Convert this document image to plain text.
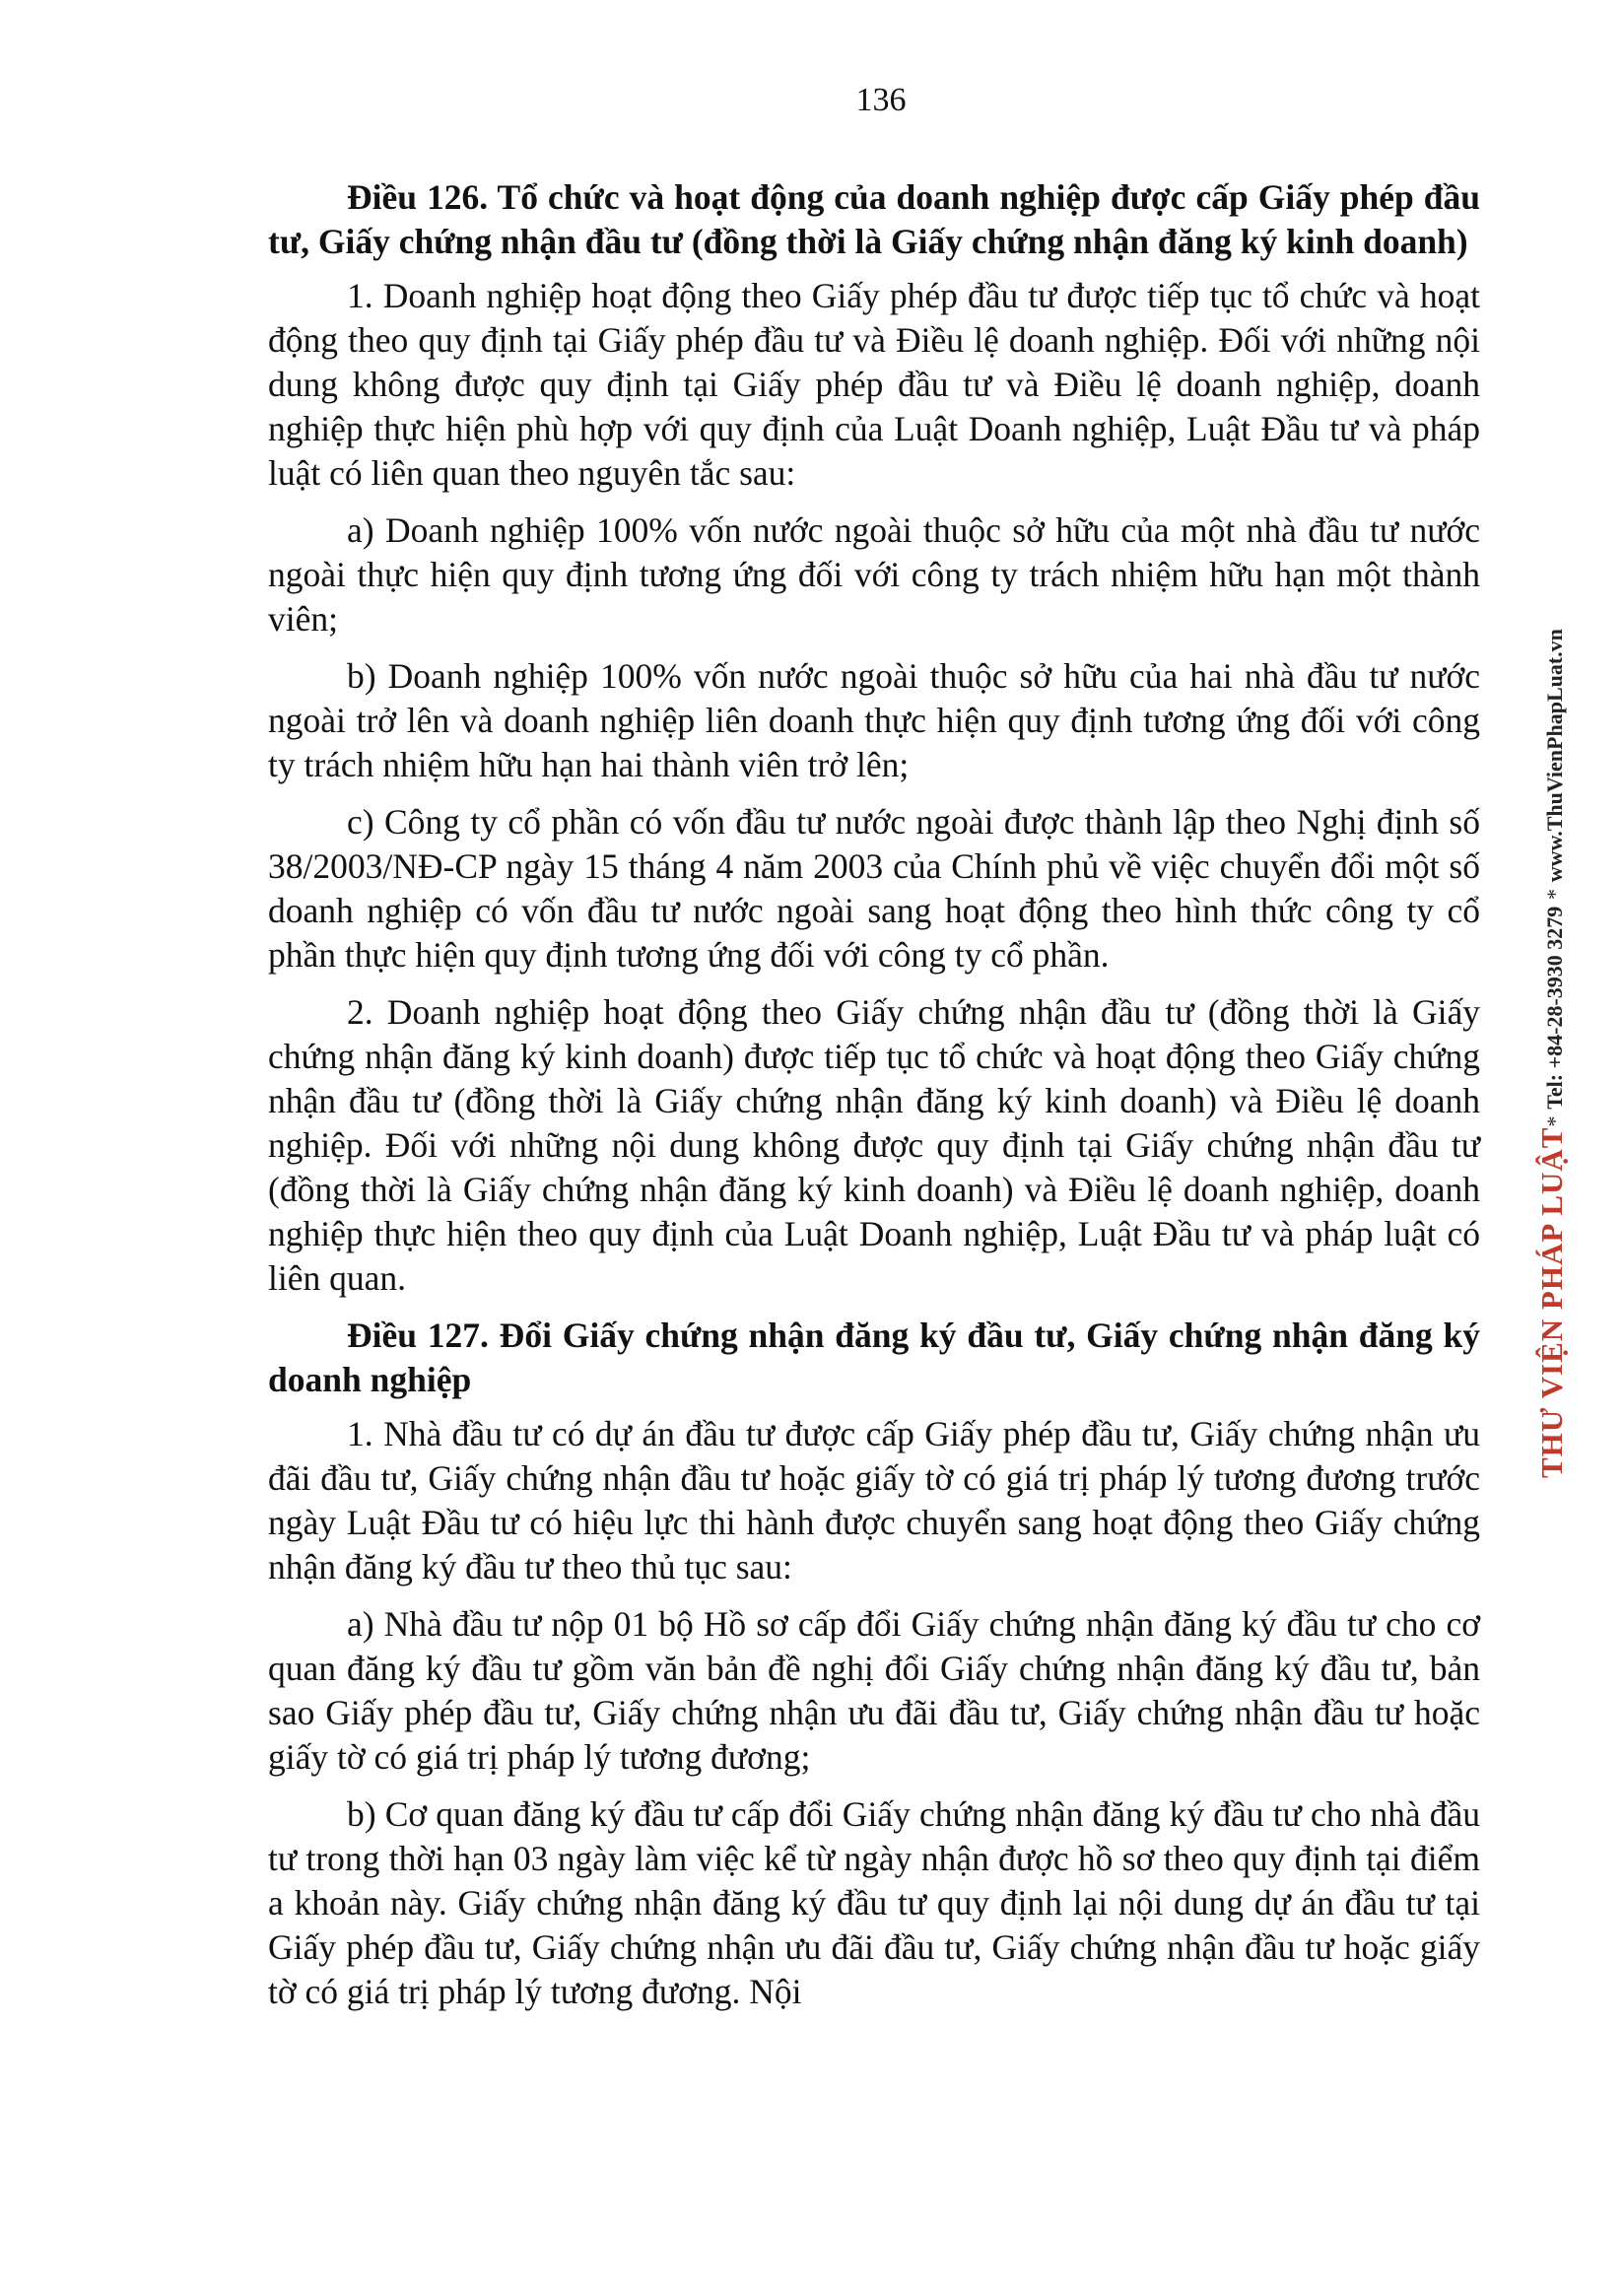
136
Điều 126. Tổ chức và hoạt động của doanh nghiệp được cấp Giấy phép đầu tư, Giấy chứng nhận đầu tư (đồng thời là Giấy chứng nhận đăng ký kinh doanh)

1. Doanh nghiệp hoạt động theo Giấy phép đầu tư được tiếp tục tổ chức và hoạt động theo quy định tại Giấy phép đầu tư và Điều lệ doanh nghiệp. Đối với những nội dung không được quy định tại Giấy phép đầu tư và Điều lệ doanh nghiệp, doanh nghiệp thực hiện phù hợp với quy định của Luật Doanh nghiệp, Luật Đầu tư và pháp luật có liên quan theo nguyên tắc sau:

a) Doanh nghiệp 100% vốn nước ngoài thuộc sở hữu của một nhà đầu tư nước ngoài thực hiện quy định tương ứng đối với công ty trách nhiệm hữu hạn một thành viên;

b) Doanh nghiệp 100% vốn nước ngoài thuộc sở hữu của hai nhà đầu tư nước ngoài trở lên và doanh nghiệp liên doanh thực hiện quy định tương ứng đối với công ty trách nhiệm hữu hạn hai thành viên trở lên;

c) Công ty cổ phần có vốn đầu tư nước ngoài được thành lập theo Nghị định số 38/2003/NĐ-CP ngày 15 tháng 4 năm 2003 của Chính phủ về việc chuyển đổi một số doanh nghiệp có vốn đầu tư nước ngoài sang hoạt động theo hình thức công ty cổ phần thực hiện quy định tương ứng đối với công ty cổ phần.

2. Doanh nghiệp hoạt động theo Giấy chứng nhận đầu tư (đồng thời là Giấy chứng nhận đăng ký kinh doanh) được tiếp tục tổ chức và hoạt động theo Giấy chứng nhận đầu tư (đồng thời là Giấy chứng nhận đăng ký kinh doanh) và Điều lệ doanh nghiệp. Đối với những nội dung không được quy định tại Giấy chứng nhận đầu tư (đồng thời là Giấy chứng nhận đăng ký kinh doanh) và Điều lệ doanh nghiệp, doanh nghiệp thực hiện theo quy định của Luật Doanh nghiệp, Luật Đầu tư và pháp luật có liên quan.

Điều 127. Đổi Giấy chứng nhận đăng ký đầu tư, Giấy chứng nhận đăng ký doanh nghiệp

1. Nhà đầu tư có dự án đầu tư được cấp Giấy phép đầu tư, Giấy chứng nhận ưu đãi đầu tư, Giấy chứng nhận đầu tư hoặc giấy tờ có giá trị pháp lý tương đương trước ngày Luật Đầu tư có hiệu lực thi hành được chuyển sang hoạt động theo Giấy chứng nhận đăng ký đầu tư theo thủ tục sau:

a) Nhà đầu tư nộp 01 bộ Hồ sơ cấp đổi Giấy chứng nhận đăng ký đầu tư cho cơ quan đăng ký đầu tư gồm văn bản đề nghị đổi Giấy chứng nhận đăng ký đầu tư, bản sao Giấy phép đầu tư, Giấy chứng nhận ưu đãi đầu tư, Giấy chứng nhận đầu tư hoặc giấy tờ có giá trị pháp lý tương đương;

b) Cơ quan đăng ký đầu tư cấp đổi Giấy chứng nhận đăng ký đầu tư cho nhà đầu tư trong thời hạn 03 ngày làm việc kể từ ngày nhận được hồ sơ theo quy định tại điểm a khoản này. Giấy chứng nhận đăng ký đầu tư quy định lại nội dung dự án đầu tư tại Giấy phép đầu tư, Giấy chứng nhận ưu đãi đầu tư, Giấy chứng nhận đầu tư hoặc giấy tờ có giá trị pháp lý tương đương. Nội

THƯ VIỆN PHÁP LUẬT* Tel: +84-28-3930 3279 * www.ThuVienPhapLuat.vn
